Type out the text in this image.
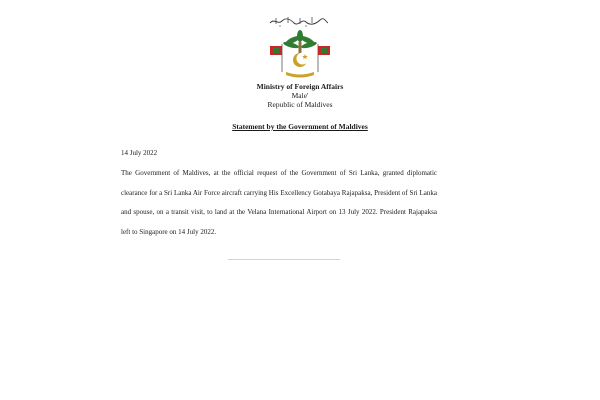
Ministry of Foreign Affairs
Male'
Republic of Maldives
Statement by the Government of Maldives
14 July 2022
The Government of Maldives, at the official request of the Government of Sri Lanka, granted diplomatic clearance for a Sri Lanka Air Force aircraft carrying His Excellency Gotabaya Rajapaksa, President of Sri Lanka and spouse, on a transit visit, to land at the Velana International Airport on 13 July 2022. President Rajapaksa left to Singapore on 14 July 2022.
